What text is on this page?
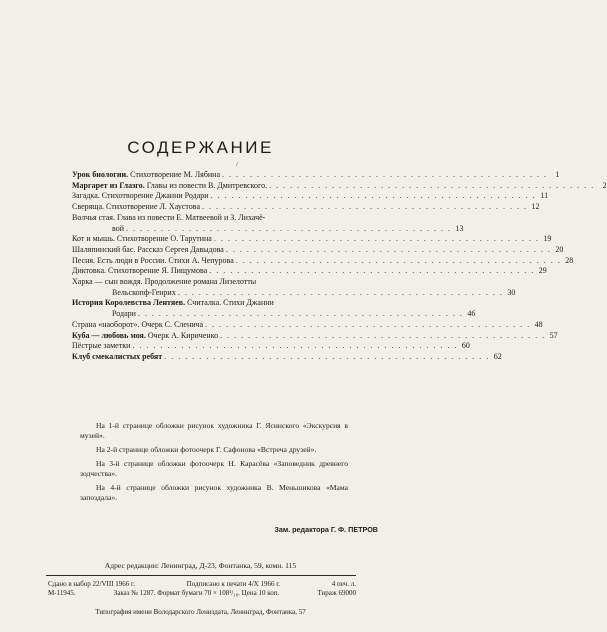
СОДЕРЖАНИЕ
/
Урок биологии. Стихотворение М. Лябина . . . . . . . . . . . . . . . . . . . . . . . . . . . . . . . . . . . . . . . . . . . . . . .	1
Маргарет из Глазго. Главы из повести В. Дмитревского. . . . . . . . . . . . . . . . . . . . . . . . . . . . . . . . . . . . . . . . . . . . . . . .	2
Загадка. Стихотворение Джанни Родари . . . . . . . . . . . . . . . . . . . . . . . . . . . . . . . . . . . . . . . . . . . . . . . 11
Сверяща. Стихотворение Л. Хаустова . . . . . . . . . . . . . . . . . . . . . . . . . . . . . . . . . . . . . . . . . . . . . . . 12
Волчья стая. Глава из повести Е. Матвеевой и З. Лихачё-
вой . . . . . . . . . . . . . . . . . . . . . . . . . . . . . . . . . . . . . . . . . . . . . . . 13
Кот и мышь. Стихотворение О. Тарутина . . . . . . . . . . . . . . . . . . . . . . . . . . . . . . . . . . . . . . . . . . . . . . . 19
Шаляпинский бас. Рассказ Сергея Давыдова . . . . . . . . . . . . . . . . . . . . . . . . . . . . . . . . . . . . . . . . . . . . . . . 20
Песня. Есть люди в России. Стихи А. Чепурова . . . . . . . . . . . . . . . . . . . . . . . . . . . . . . . . . . . . . . . . . . . . . . . 28
Диктовка. Стихотворение Я. Пищумова . . . . . . . . . . . . . . . . . . . . . . . . . . . . . . . . . . . . . . . . . . . . . . . 29
Харка — сын вождя. Продолжение романа Лизелотты
Вельскопф-Генрих . . . . . . . . . . . . . . . . . . . . . . . . . . . . . . . . . . . . . . . . . . . . . . . 30
История Королевства Лентяев. Считалка. Стихи Джанни
Родари . . . . . . . . . . . . . . . . . . . . . . . . . . . . . . . . . . . . . . . . . . . . . . . 46
Страна «наоборот». Очерк С. Сленича . . . . . . . . . . . . . . . . . . . . . . . . . . . . . . . . . . . . . . . . . . . . . . . 48
Куба — любовь моя. Очерк А. Кириченко . . . . . . . . . . . . . . . . . . . . . . . . . . . . . . . . . . . . . . . . . . . . . . . 57
Пёстрые заметки . . . . . . . . . . . . . . . . . . . . . . . . . . . . . . . . . . . . . . . . . . . . . . . 60
Клуб смекалистых ребят . . . . . . . . . . . . . . . . . . . . . . . . . . . . . . . . . . . . . . . . . . . . . . . 62
На 1-й странице обложки рисунок художника Г. Ясинского «Экскурсия в музей».
На 2-й странице обложки фотоочерк Г. Сафонова «Встреча друзей».
На 3-й странице обложки фотоочерк Н. Карасёва «Заповедник древнего зодчества».
На 4-й странице обложки рисунок художника В. Меньшикова «Мама запоздала».
Зам. редактора Г. Ф. ПЕТРОВ
Адрес редакции: Ленинград, Д-23, Фонтанка, 59, комн. 115
Сдано в набор 22/VIII 1966 г.	Подписано к печати 4/X 1966 г.	4 печ. л.
М-11945.	Заказ № 1287. Формат бумаги 70 × 108¹/₁₆. Цена 10 коп.	Тираж 69000
Типография имени Володарского Лениздата, Ленинград, Фонтанка, 57
